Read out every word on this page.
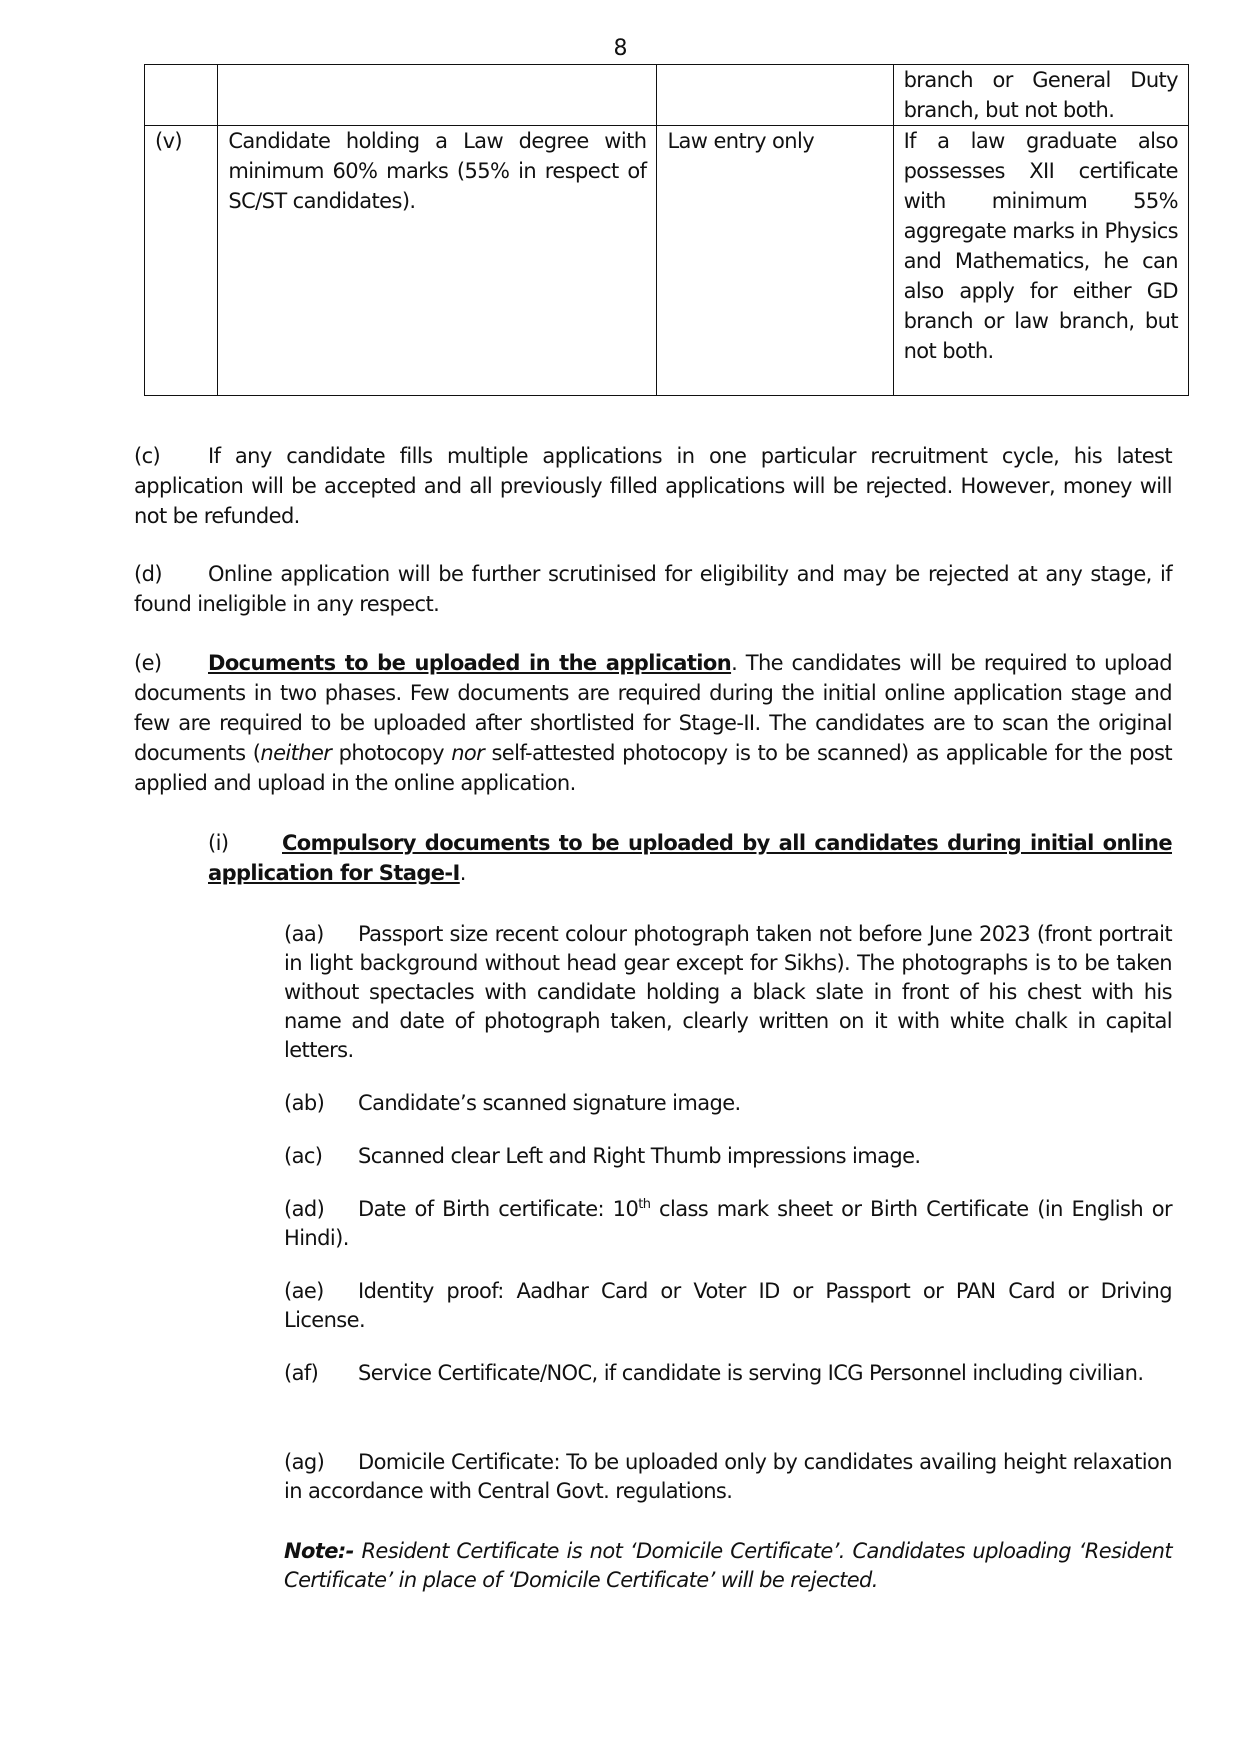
8
			branch or General Duty branch, but not both.
(v)	Candidate holding a Law degree with minimum 60% marks (55% in respect of SC/ST candidates).	Law entry only	If a law graduate also possesses XII certificate with minimum 55% aggregate marks in Physics and Mathematics, he can also apply for either GD branch or law branch, but not both.
(c) If any candidate fills multiple applications in one particular recruitment cycle, his latest application will be accepted and all previously filled applications will be rejected. However, money will not be refunded.
(d) Online application will be further scrutinised for eligibility and may be rejected at any stage, if found ineligible in any respect.
(e) Documents to be uploaded in the application. The candidates will be required to upload documents in two phases. Few documents are required during the initial online application stage and few are required to be uploaded after shortlisted for Stage-II. The candidates are to scan the original documents (neither photocopy nor self-attested photocopy is to be scanned) as applicable for the post applied and upload in the online application.
(i)	Compulsory documents to be uploaded by all candidates during initial online application for Stage-I.
(aa) Passport size recent colour photograph taken not before June 2023 (front portrait in light background without head gear except for Sikhs). The photographs is to be taken without spectacles with candidate holding a black slate in front of his chest with his name and date of photograph taken, clearly written on it with white chalk in capital letters.
(ab) Candidate’s scanned signature image.
(ac) Scanned clear Left and Right Thumb impressions image.
(ad) Date of Birth certificate: 10th class mark sheet or Birth Certificate (in English or Hindi).
(ae) Identity proof: Aadhar Card or Voter ID or Passport or PAN Card or Driving License.
(af) Service Certificate/NOC, if candidate is serving ICG Personnel including civilian.
(ag) Domicile Certificate: To be uploaded only by candidates availing height relaxation in accordance with Central Govt. regulations.
Note:- Resident Certificate is not ‘Domicile Certificate’. Candidates uploading ‘Resident Certificate’ in place of ‘Domicile Certificate’ will be rejected.
